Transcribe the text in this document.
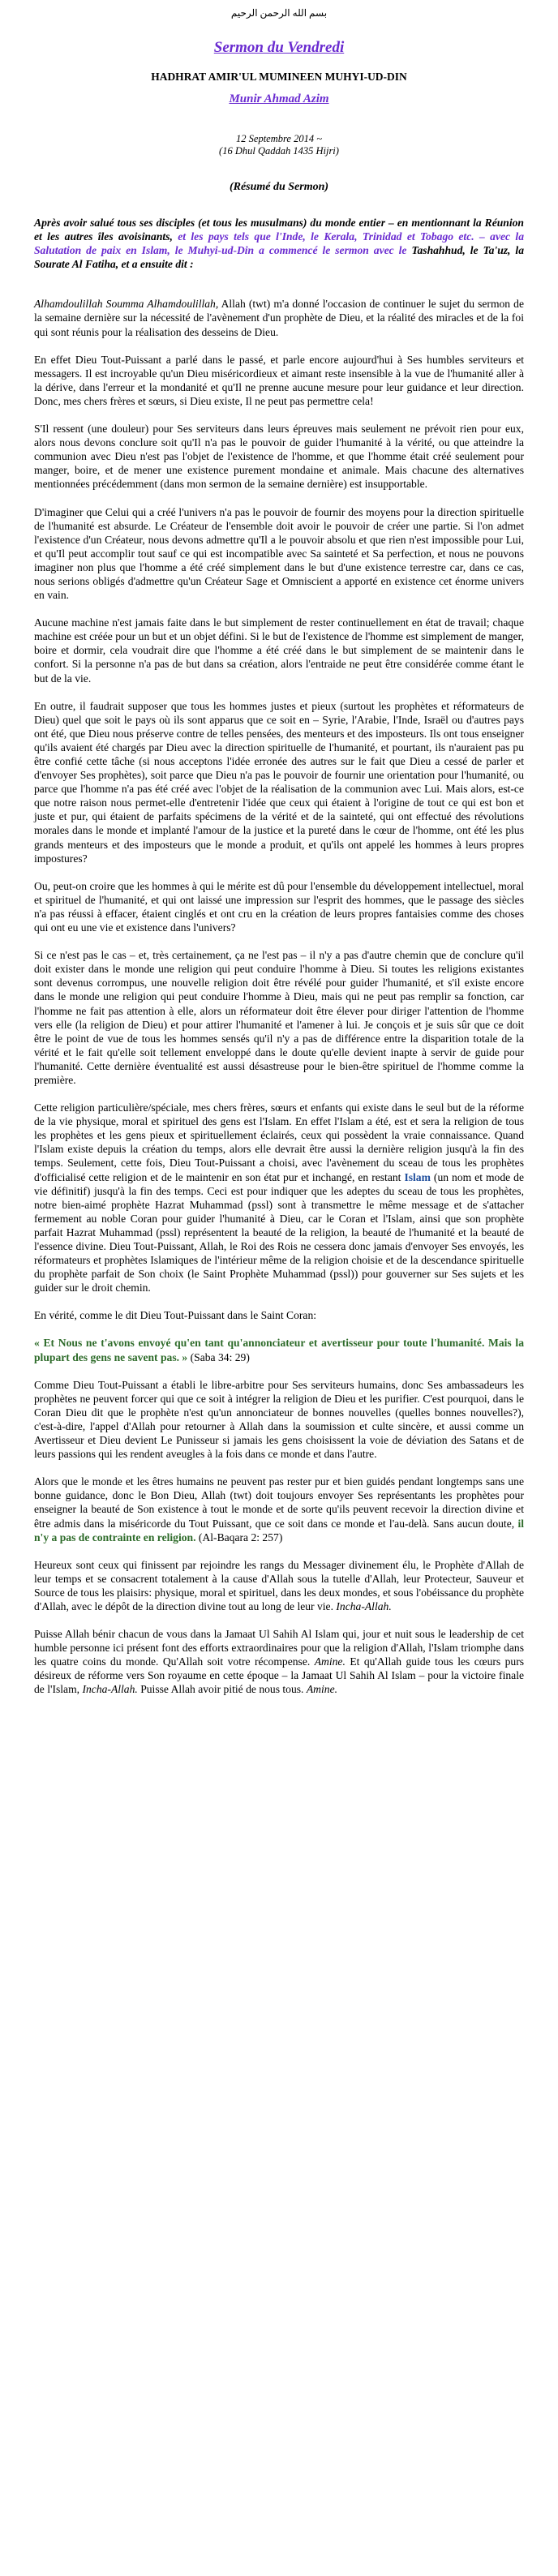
بسم الله الرحمن الرحيم
Sermon du Vendredi
HADHRAT AMIR'UL MUMINEEN MUHYI-UD-DIN
Munir Ahmad Azim
12 Septembre 2014 ~
(16 Dhul Qaddah 1435 Hijri)
(Résumé du Sermon)
Après avoir salué tous ses disciples (et tous les musulmans) du monde entier – en mentionnant la Réunion et les autres îles avoisinants, et les pays tels que l'Inde, le Kerala, Trinidad et Tobago etc. – avec la Salutation de paix en Islam, le Muhyi-ud-Din a commencé le sermon avec le Tashahhud, le Ta'uz, la Sourate Al Fatiha, et a ensuite dit :

Alhamdoulillah Soumma Alhamdoulillah, Allah (twt) m'a donné l'occasion de continuer le sujet du sermon de la semaine dernière sur la nécessité de l'avènement d'un prophète de Dieu, et la réalité des miracles et de la foi qui sont réunis pour la réalisation des desseins de Dieu.

En effet Dieu Tout-Puissant a parlé dans le passé, et parle encore aujourd'hui à Ses humbles serviteurs et messagers. Il est incroyable qu'un Dieu miséricordieux et aimant reste insensible à la vue de l'humanité aller à la dérive, dans l'erreur et la mondanité et qu'Il ne prenne aucune mesure pour leur guidance et leur direction. Donc, mes chers frères et sœurs, si Dieu existe, Il ne peut pas permettre cela!

S'Il ressent (une douleur) pour Ses serviteurs dans leurs épreuves mais seulement ne prévoit rien pour eux, alors nous devons conclure soit qu'Il n'a pas le pouvoir de guider l'humanité à la vérité, ou que atteindre la communion avec Dieu n'est pas l'objet de l'existence de l'homme, et que l'homme était créé seulement pour manger, boire, et de mener une existence purement mondaine et animale. Mais chacune des alternatives mentionnées précédemment (dans mon sermon de la semaine dernière) est insupportable.

D'imaginer que Celui qui a créé l'univers n'a pas le pouvoir de fournir des moyens pour la direction spirituelle de l'humanité est absurde. Le Créateur de l'ensemble doit avoir le pouvoir de créer une partie. Si l'on admet l'existence d'un Créateur, nous devons admettre qu'Il a le pouvoir absolu et que rien n'est impossible pour Lui, et qu'Il peut accomplir tout sauf ce qui est incompatible avec Sa sainteté et Sa perfection, et nous ne pouvons imaginer non plus que l'homme a été créé simplement dans le but d'une existence terrestre car, dans ce cas, nous serions obligés d'admettre qu'un Créateur Sage et Omniscient a apporté en existence cet énorme univers en vain.

Aucune machine n'est jamais faite dans le but simplement de rester continuellement en état de travail; chaque machine est créée pour un but et un objet défini. Si le but de l'existence de l'homme est simplement de manger, boire et dormir, cela voudrait dire que l'homme a été créé dans le but simplement de se maintenir dans le confort. Si la personne n'a pas de but dans sa création, alors l'entraide ne peut être considérée comme étant le but de la vie.

En outre, il faudrait supposer que tous les hommes justes et pieux (surtout les prophètes et réformateurs de Dieu) quel que soit le pays où ils sont apparus que ce soit en – Syrie, l'Arabie, l'Inde, Israël ou d'autres pays ont été, que Dieu nous préserve contre de telles pensées, des menteurs et des imposteurs. Ils ont tous enseigner qu'ils avaient été chargés par Dieu avec la direction spirituelle de l'humanité, et pourtant, ils n'auraient pas pu être confié cette tâche (si nous acceptons l'idée erronée des autres sur le fait que Dieu a cessé de parler et d'envoyer Ses prophètes), soit parce que Dieu n'a pas le pouvoir de fournir une orientation pour l'humanité, ou parce que l'homme n'a pas été créé avec l'objet de la réalisation de la communion avec Lui. Mais alors, est-ce que notre raison nous permet-elle d'entretenir l'idée que ceux qui étaient à l'origine de tout ce qui est bon et juste et pur, qui étaient de parfaits spécimens de la vérité et de la sainteté, qui ont effectué des révolutions morales dans le monde et implanté l'amour de la justice et la pureté dans le cœur de l'homme, ont été les plus grands menteurs et des imposteurs que le monde a produit, et qu'ils ont appelé les hommes à leurs propres impostures?

Ou, peut-on croire que les hommes à qui le mérite est dû pour l'ensemble du développement intellectuel, moral et spirituel de l'humanité, et qui ont laissé une impression sur l'esprit des hommes, que le passage des siècles n'a pas réussi à effacer, étaient cinglés et ont cru en la création de leurs propres fantaisies comme des choses qui ont eu une vie et existence dans l'univers?

Si ce n'est pas le cas – et, très certainement, ça ne l'est pas – il n'y a pas d'autre chemin que de conclure qu'il doit exister dans le monde une religion qui peut conduire l'homme à Dieu. Si toutes les religions existantes sont devenus corrompus, une nouvelle religion doit être révélé pour guider l'humanité, et s'il existe encore dans le monde une religion qui peut conduire l'homme à Dieu, mais qui ne peut pas remplir sa fonction, car l'homme ne fait pas attention à elle, alors un réformateur doit être élever pour diriger l'attention de l'homme vers elle (la religion de Dieu) et pour attirer l'humanité et l'amener à lui. Je conçois et je suis sûr que ce doit être le point de vue de tous les hommes sensés qu'il n'y a pas de différence entre la disparition totale de la vérité et le fait qu'elle soit tellement enveloppé dans le doute qu'elle devient inapte à servir de guide pour l'humanité. Cette dernière éventualité est aussi désastreuse pour le bien-être spirituel de l'homme comme la première.

Cette religion particulière/spéciale, mes chers frères, sœurs et enfants qui existe dans le seul but de la réforme de la vie physique, moral et spirituel des gens est l'Islam. En effet l'Islam a été, est et sera la religion de tous les prophètes et les gens pieux et spirituellement éclairés, ceux qui possèdent la vraie connaissance. Quand l'Islam existe depuis la création du temps, alors elle devrait être aussi la dernière religion jusqu'à la fin des temps. Seulement, cette fois, Dieu Tout-Puissant a choisi, avec l'avènement du sceau de tous les prophètes d'officialisé cette religion et de le maintenir en son état pur et inchangé, en restant Islam (un nom et mode de vie définitif) jusqu'à la fin des temps. Ceci est pour indiquer que les adeptes du sceau de tous les prophètes, notre bien-aimé prophète Hazrat Muhammad (pssl) sont à transmettre le même message et de s'attacher fermement au noble Coran pour guider l'humanité à Dieu, car le Coran et l'Islam, ainsi que son prophète parfait Hazrat Muhammad (pssl) représentent la beauté de la religion, la beauté de l'humanité et la beauté de l'essence divine. Dieu Tout-Puissant, Allah, le Roi des Rois ne cessera donc jamais d'envoyer Ses envoyés, les réformateurs et prophètes Islamiques de l'intérieur même de la religion choisie et de la descendance spirituelle du prophète parfait de Son choix (le Saint Prophète Muhammad (pssl)) pour gouverner sur Ses sujets et les guider sur le droit chemin.

En vérité, comme le dit Dieu Tout-Puissant dans le Saint Coran:

« Et Nous ne t'avons envoyé qu'en tant qu'annonciateur et avertisseur pour toute l'humanité. Mais la plupart des gens ne savent pas. » (Saba 34: 29)

Comme Dieu Tout-Puissant a établi le libre-arbitre pour Ses serviteurs humains, donc Ses ambassadeurs les prophètes ne peuvent forcer qui que ce soit à intégrer la religion de Dieu et les purifier. C'est pourquoi, dans le Coran Dieu dit que le prophète n'est qu'un annonciateur de bonnes nouvelles (quelles bonnes nouvelles?), c'est-à-dire, l'appel d'Allah pour retourner à Allah dans la soumission et culte sincère, et aussi comme un Avertisseur et Dieu devient Le Punisseur si jamais les gens choisissent la voie de déviation des Satans et de leurs passions qui les rendent aveugles à la fois dans ce monde et dans l'autre.

Alors que le monde et les êtres humains ne peuvent pas rester pur et bien guidés pendant longtemps sans une bonne guidance, donc le Bon Dieu, Allah (twt) doit toujours envoyer Ses représentants les prophètes pour enseigner la beauté de Son existence à tout le monde et de sorte qu'ils peuvent recevoir la direction divine et être admis dans la miséricorde du Tout Puissant, que ce soit dans ce monde et l'au-delà. Sans aucun doute, il n'y a pas de contrainte en religion. (Al-Baqara 2: 257)

Heureux sont ceux qui finissent par rejoindre les rangs du Messager divinement élu, le Prophète d'Allah de leur temps et se consacrent totalement à la cause d'Allah sous la tutelle d'Allah, leur Protecteur, Sauveur et Source de tous les plaisirs: physique, moral et spirituel, dans les deux mondes, et sous l'obéissance du prophète d'Allah, avec le dépôt de la direction divine tout au long de leur vie. Incha-Allah.

Puisse Allah bénir chacun de vous dans la Jamaat Ul Sahih Al Islam qui, jour et nuit sous le leadership de cet humble personne ici présent font des efforts extraordinaires pour que la religion d'Allah, l'Islam triomphe dans les quatre coins du monde. Qu'Allah soit votre récompense. Amine. Et qu'Allah guide tous les cœurs purs désireux de réforme vers Son royaume en cette époque – la Jamaat Ul Sahih Al Islam – pour la victoire finale de l'Islam, Incha-Allah. Puisse Allah avoir pitié de nous tous. Amine.
